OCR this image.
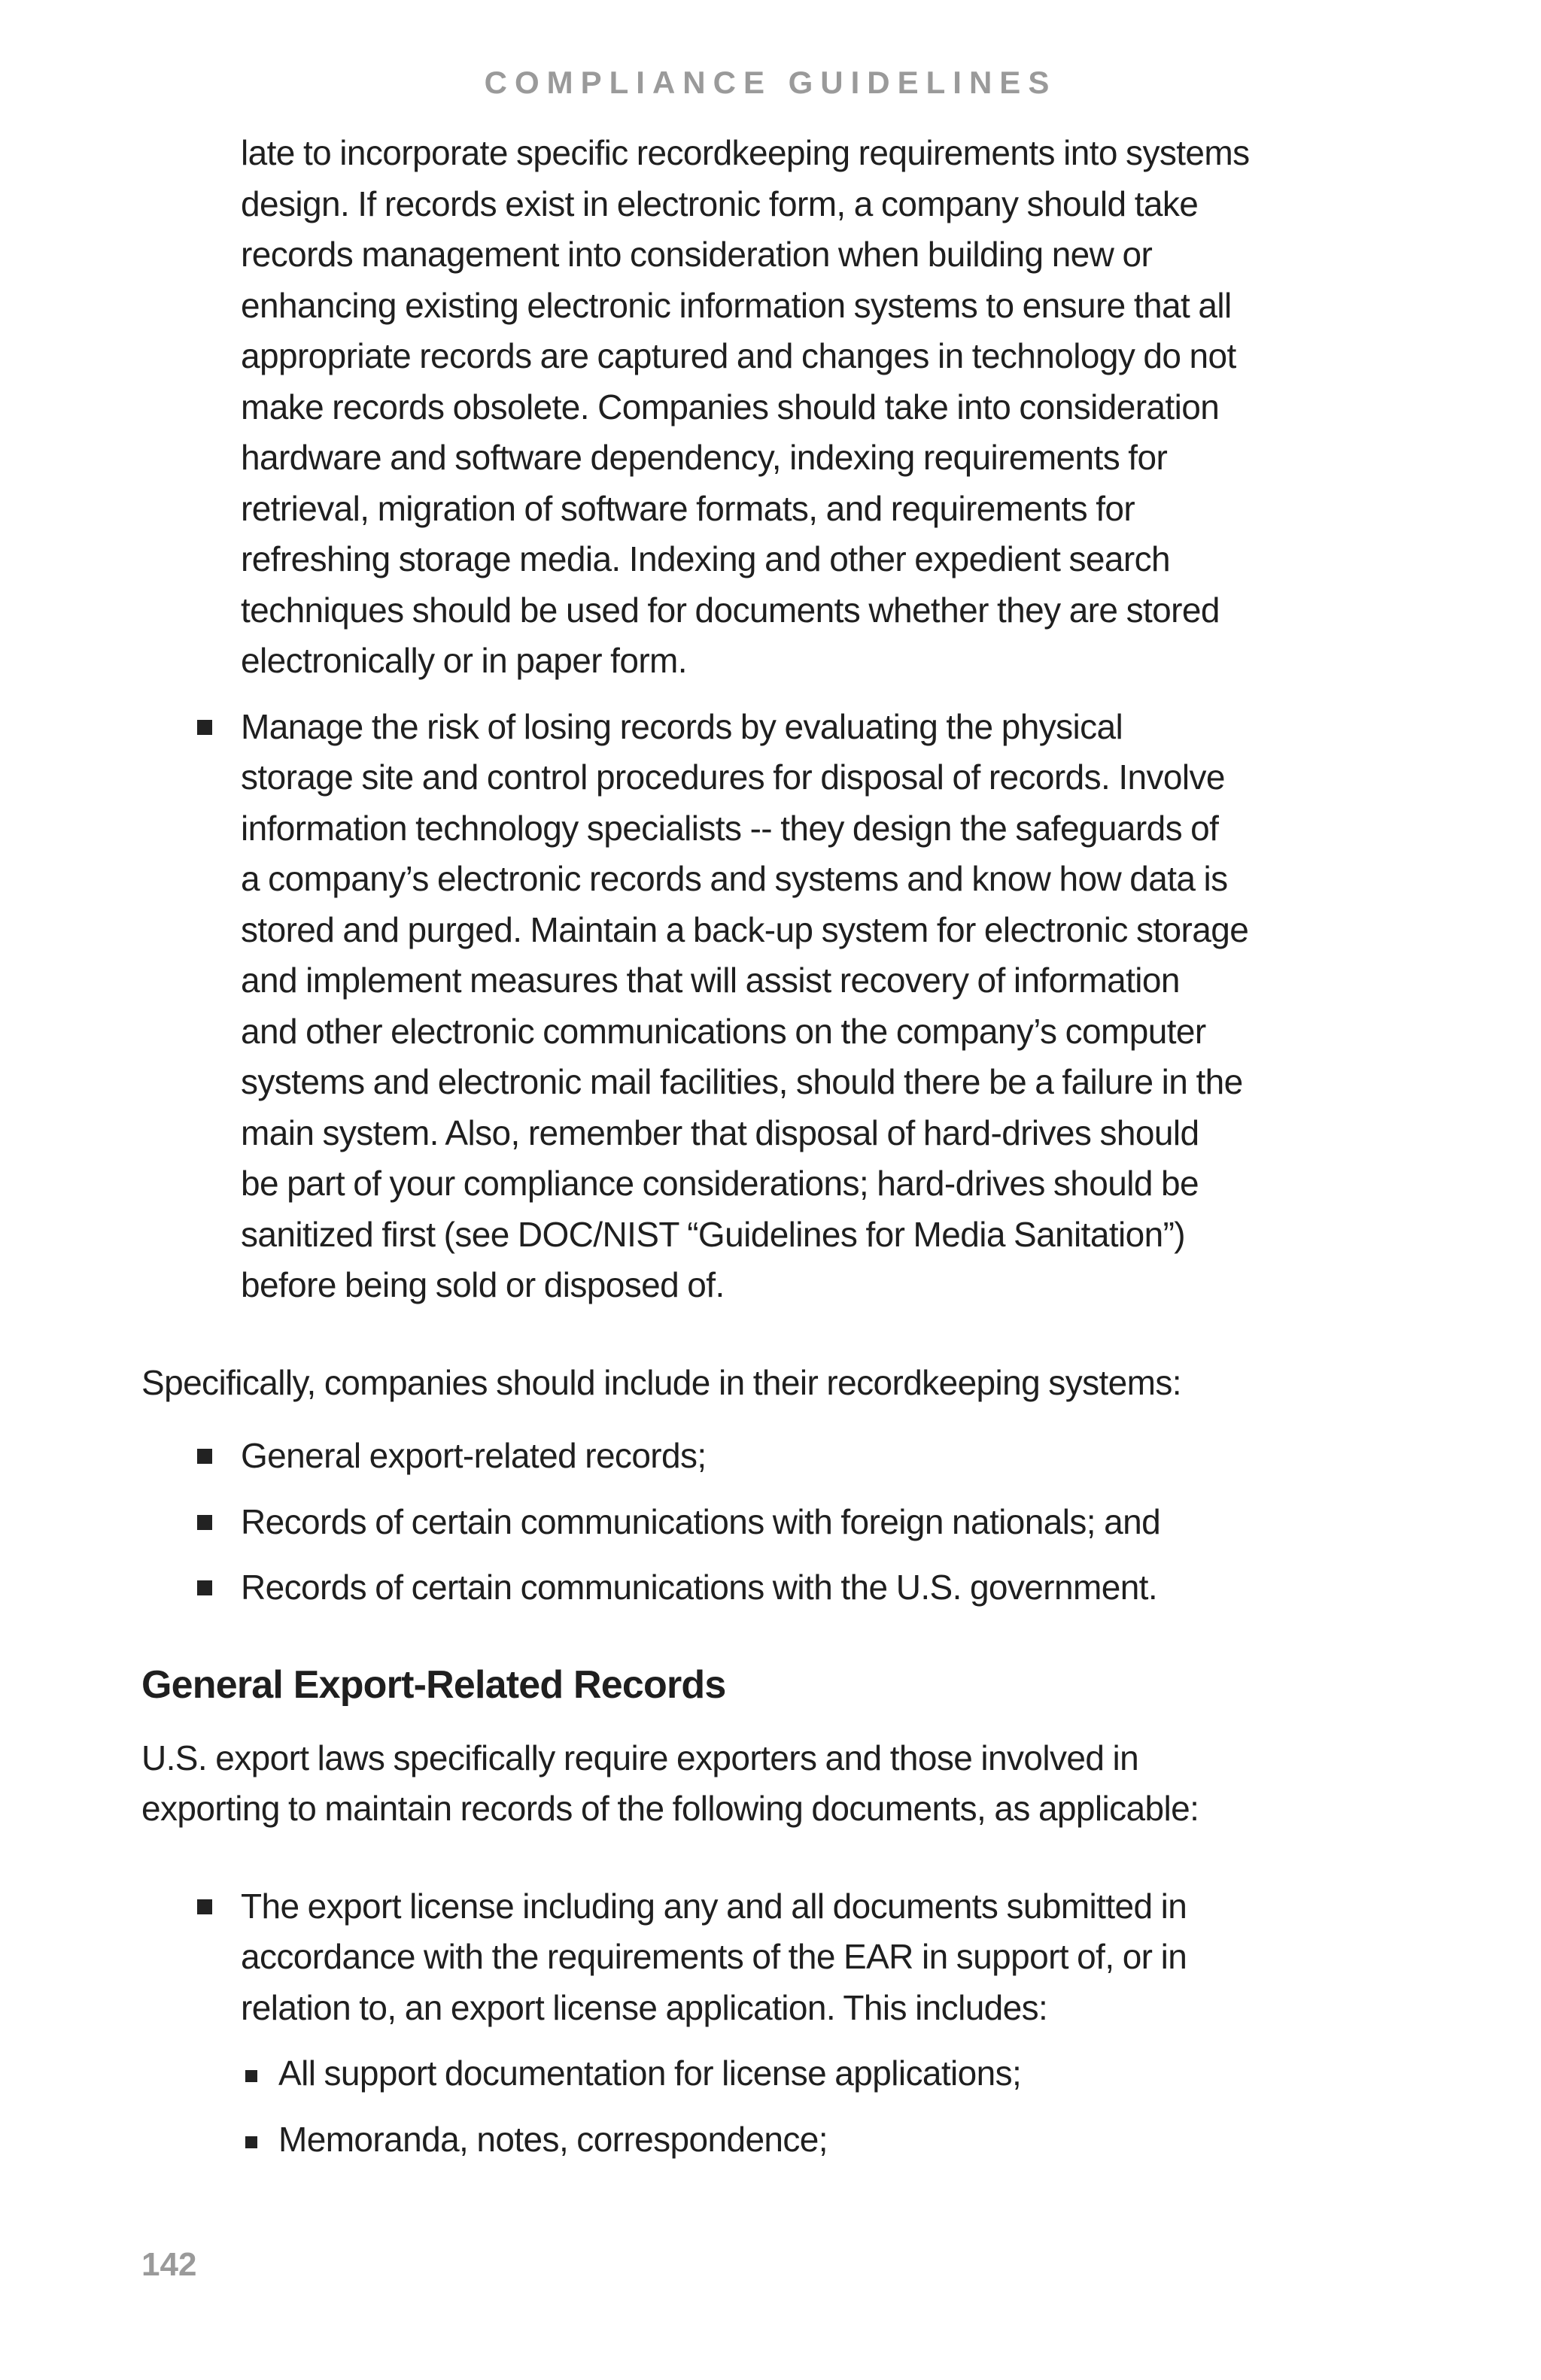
COMPLIANCE GUIDELINES

late to incorporate specific recordkeeping requirements into systems

design. If records exist in electronic form, a company should take

records management into consideration when building new or

enhancing existing electronic information systems to ensure that all

appropriate records are captured and changes in technology do not

make records obsolete. Companies should take into consideration

hardware and software dependency, indexing requirements for

retrieval, migration of software formats, and requirements for

refreshing storage media. Indexing and other expedient search

techniques should be used for documents whether they are stored

electronically or in paper form.

Manage the risk of losing records by evaluating the physical

storage site and control procedures for disposal of records. Involve

information technology specialists -- they design the safeguards of

a company’s electronic records and systems and know how data is

stored and purged. Maintain a back-up system for electronic storage

and implement measures that will assist recovery of information

and other electronic communications on the company’s computer

systems and electronic mail facilities, should there be a failure in the

main system. Also, remember that disposal of hard-drives should

be part of your compliance considerations; hard-drives should be

sanitized first (see DOC/NIST “Guidelines for Media Sanitation”)

before being sold or disposed of.

Specifically, companies should include in their recordkeeping systems:

General export-related records;

Records of certain communications with foreign nationals; and

Records of certain communications with the U.S. government.

General Export-Related Records

U.S. export laws specifically require exporters and those involved in

exporting to maintain records of the following documents, as applicable:

The export license including any and all documents submitted in

accordance with the requirements of the EAR in support of, or in

relation to, an export license application. This includes:

All support documentation for license applications;

Memoranda, notes, correspondence;

142
